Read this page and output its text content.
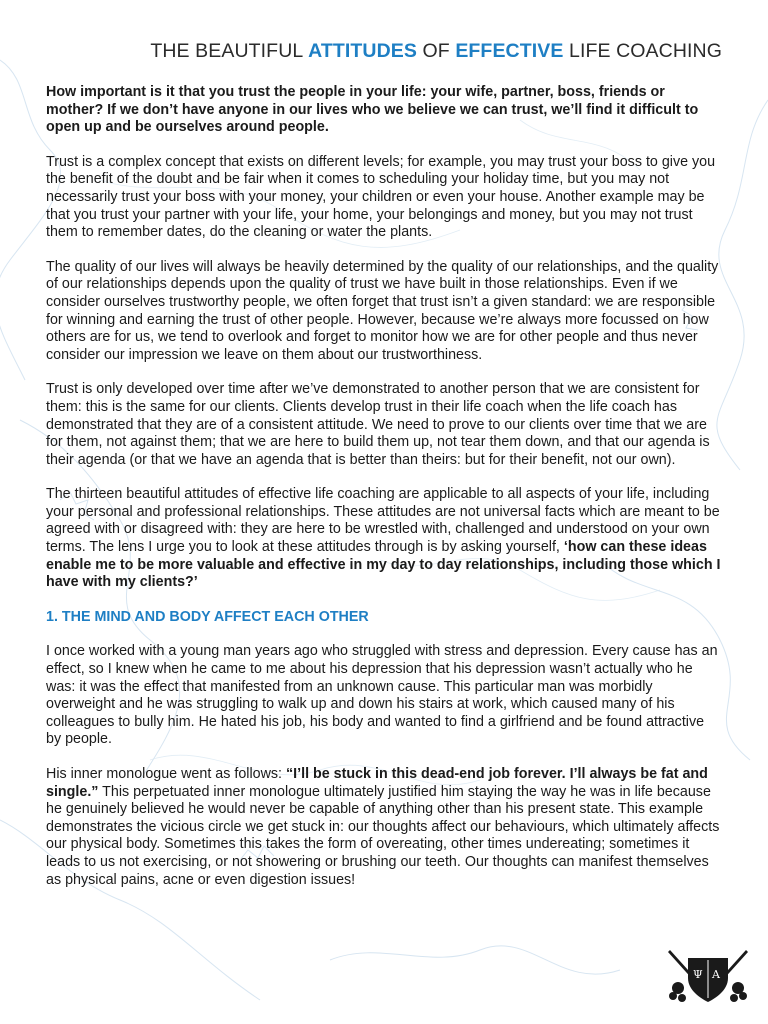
THE BEAUTIFUL ATTITUDES OF EFFECTIVE LIFE COACHING

How important is it that you trust the people in your life: your wife, partner, boss, friends or mother? If we don’t have anyone in our lives who we believe we can trust, we’ll find it difficult to open up and be ourselves around people.

Trust is a complex concept that exists on different levels; for example, you may trust your boss to give you the benefit of the doubt and be fair when it comes to scheduling your holiday time, but you may not necessarily trust your boss with your money, your children or even your house. Another example may be that you trust your partner with your life, your home, your belongings and money, but you may not trust them to remember dates, do the cleaning or water the plants.

The quality of our lives will always be heavily determined by the quality of our relationships, and the quality of our relationships depends upon the quality of trust we have built in those relationships. Even if we consider ourselves trustworthy people, we often forget that trust isn’t a given standard: we are responsible for winning and earning the trust of other people. However, because we’re always more focussed on how others are for us, we tend to overlook and forget to monitor how we are for other people and thus never consider our impression we leave on them about our trustworthiness.

Trust is only developed over time after we’ve demonstrated to another person that we are consistent for them: this is the same for our clients. Clients develop trust in their life coach when the life coach has demonstrated that they are of a consistent attitude. We need to prove to our clients over time that we are for them, not against them; that we are here to build them up, not tear them down, and that our agenda is their agenda (or that we have an agenda that is better than theirs: but for their benefit, not our own).

The thirteen beautiful attitudes of effective life coaching are applicable to all aspects of your life, including your personal and professional relationships. These attitudes are not universal facts which are meant to be agreed with or disagreed with: they are here to be wrestled with, challenged and understood on your own terms. The lens I urge you to look at these attitudes through is by asking yourself, ‘how can these ideas enable me to be more valuable and effective in my day to day relationships, including those which I have with my clients?’

1. THE MIND AND BODY AFFECT EACH OTHER

I once worked with a young man years ago who struggled with stress and depression. Every cause has an effect, so I knew when he came to me about his depression that his depression wasn’t actually who he was: it was the effect that manifested from an unknown cause. This particular man was morbidly overweight and he was struggling to walk up and down his stairs at work, which caused many of his colleagues to bully him. He hated his job, his body and wanted to find a girlfriend and be found attractive by people.

His inner monologue went as follows: “I’ll be stuck in this dead-end job forever. I’ll always be fat and single.” This perpetuated inner monologue ultimately justified him staying the way he was in life because he genuinely believed he would never be capable of anything other than his present state. This example demonstrates the vicious circle we get stuck in: our thoughts affect our behaviours, which ultimately affects our physical body. Sometimes this takes the form of overeating, other times undereating; sometimes it leads to us not exercising, or not showering or brushing our teeth. Our thoughts can manifest themselves as physical pains, acne or even digestion issues!

Ψ A
